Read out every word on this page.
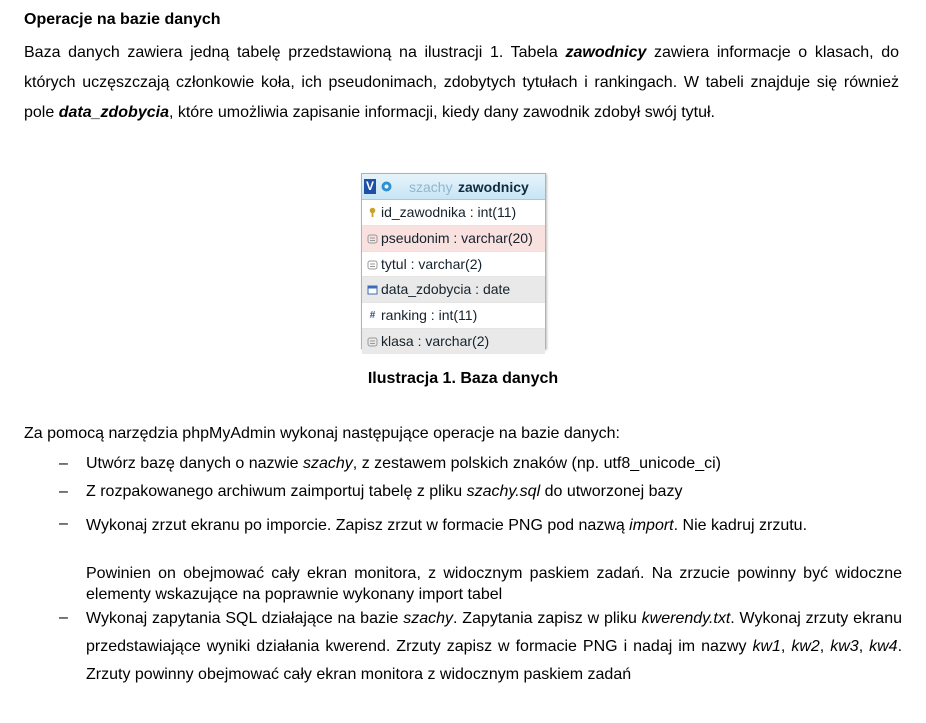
Operacje na bazie danych
Baza danych zawiera jedną tabelę przedstawioną na ilustracji 1. Tabela zawodnicy zawiera informacje o klasach, do których uczęszczają członkowie koła, ich pseudonimach, zdobytych tytułach i rankingach. W tabeli znajduje się również pole data_zdobycia, które umożliwia zapisanie informacji, kiedy dany zawodnik zdobył swój tytuł.
V	szachy zawodnicy
id_zawodnika : int(11)
pseudonim : varchar(20)
tytul : varchar(2)
data_zdobycia : date
# ranking : int(11)
klasa : varchar(2)
Ilustracja 1. Baza danych
Za pomocą narzędzia phpMyAdmin wykonaj następujące operacje na bazie danych:
– Utwórz bazę danych o nazwie szachy, z zestawem polskich znaków (np. utf8_unicode_ci)
– Z rozpakowanego archiwum zaimportuj tabelę z pliku szachy.sql do utworzonej bazy
– Wykonaj zrzut ekranu po imporcie. Zapisz zrzut w formacie PNG pod nazwą import. Nie kadruj zrzutu.
Powinien on obejmować cały ekran monitora, z widocznym paskiem zadań. Na zrzucie powinny być widoczne elementy wskazujące na poprawnie wykonany import tabel
– Wykonaj zapytania SQL działające na bazie szachy. Zapytania zapisz w pliku kwerendy.txt. Wykonaj zrzuty ekranu przedstawiające wyniki działania kwerend. Zrzuty zapisz w formacie PNG i nadaj im nazwy kw1, kw2, kw3, kw4. Zrzuty powinny obejmować cały ekran monitora z widocznym paskiem zadań
